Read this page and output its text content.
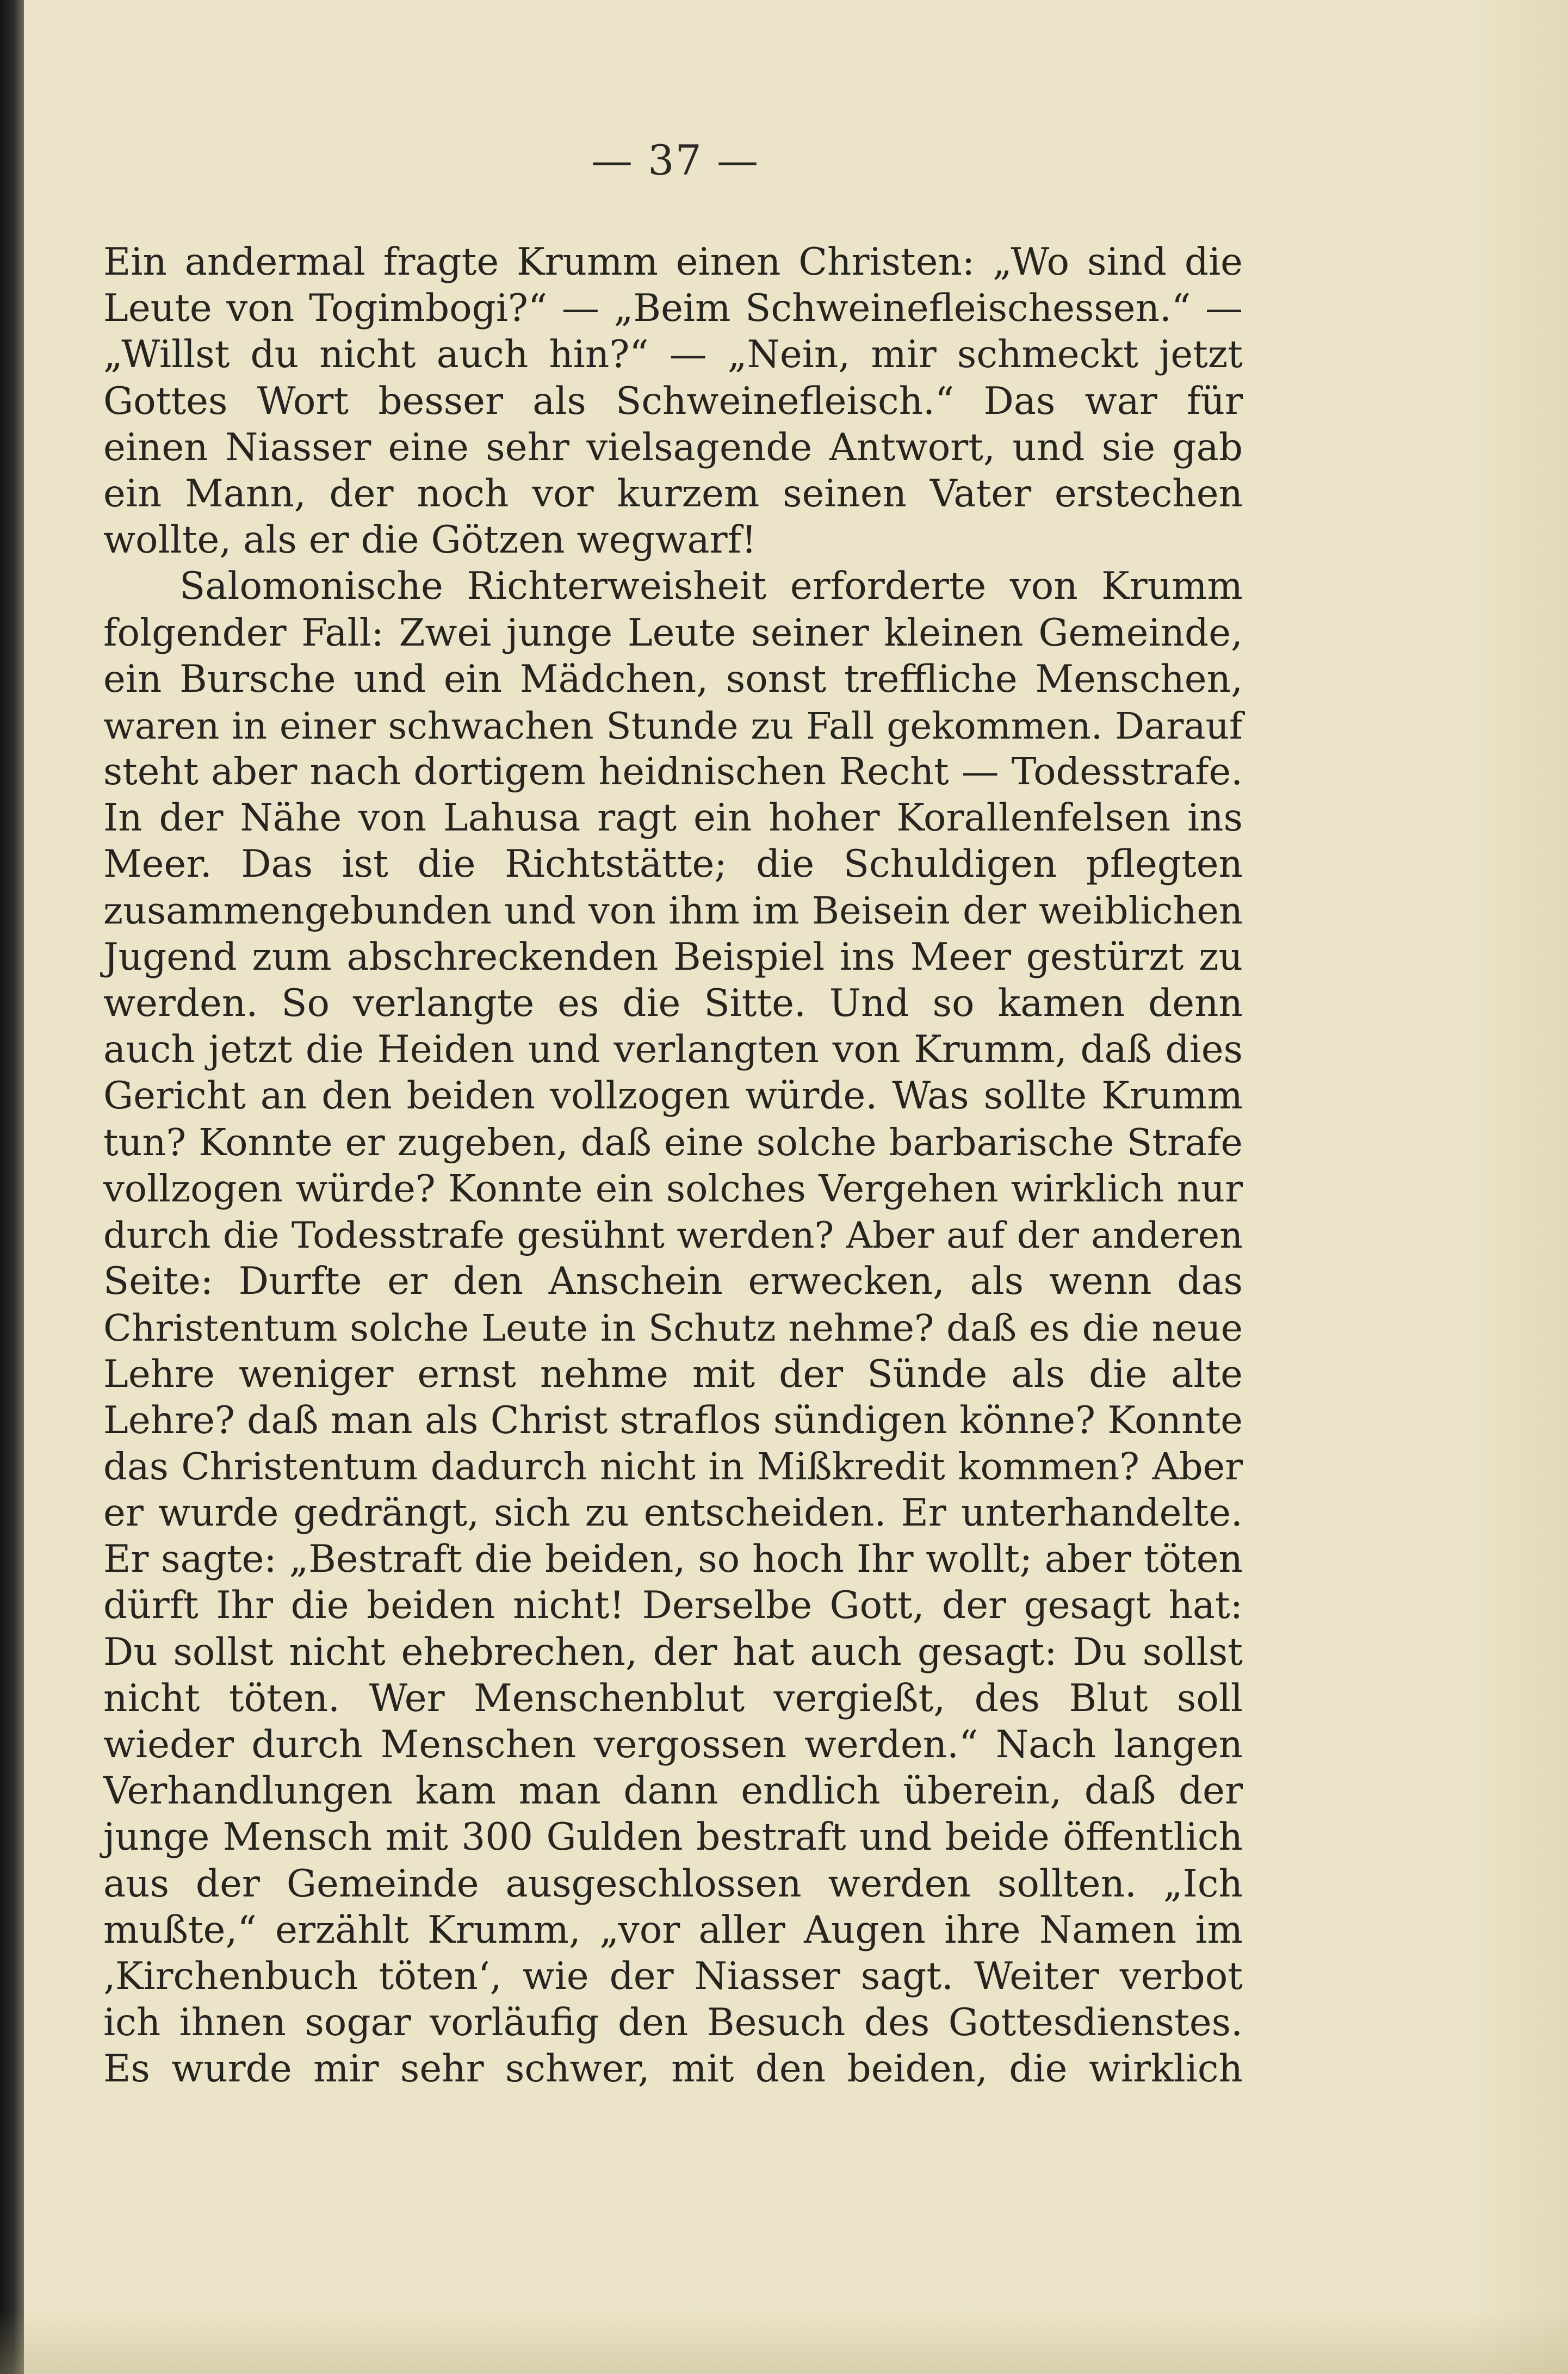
— 37 —
Ein andermal fragte Krumm einen Christen: „Wo sind die
Leute von Togimbogi?“ — „Beim Schweinefleischessen.“ —
„Willst du nicht auch hin?“ — „Nein, mir schmeckt jetzt
Gottes Wort besser als Schweinefleisch.“ Das war für
einen Niasser eine sehr vielsagende Antwort, und sie gab
ein Mann, der noch vor kurzem seinen Vater erstechen
wollte, als er die Götzen wegwarf!
Salomonische Richterweisheit erforderte von Krumm
folgender Fall: Zwei junge Leute seiner kleinen Gemeinde,
ein Bursche und ein Mädchen, sonst treffliche Menschen,
waren in einer schwachen Stunde zu Fall gekommen. Darauf
steht aber nach dortigem heidnischen Recht — Todesstrafe.
In der Nähe von Lahusa ragt ein hoher Korallenfelsen ins
Meer. Das ist die Richtstätte; die Schuldigen pflegten
zusammengebunden und von ihm im Beisein der weiblichen
Jugend zum abschreckenden Beispiel ins Meer gestürzt zu
werden. So verlangte es die Sitte. Und so kamen denn
auch jetzt die Heiden und verlangten von Krumm, daß dies
Gericht an den beiden vollzogen würde. Was sollte Krumm
tun? Konnte er zugeben, daß eine solche barbarische Strafe
vollzogen würde? Konnte ein solches Vergehen wirklich nur
durch die Todesstrafe gesühnt werden? Aber auf der anderen
Seite: Durfte er den Anschein erwecken, als wenn das
Christentum solche Leute in Schutz nehme? daß es die neue
Lehre weniger ernst nehme mit der Sünde als die alte
Lehre? daß man als Christ straflos sündigen könne? Konnte
das Christentum dadurch nicht in Mißkredit kommen? Aber
er wurde gedrängt, sich zu entscheiden. Er unterhandelte.
Er sagte: „Bestraft die beiden, so hoch Ihr wollt; aber töten
dürft Ihr die beiden nicht! Derselbe Gott, der gesagt hat:
Du sollst nicht ehebrechen, der hat auch gesagt: Du sollst
nicht töten. Wer Menschenblut vergießt, des Blut soll
wieder durch Menschen vergossen werden.“ Nach langen
Verhandlungen kam man dann endlich überein, daß der
junge Mensch mit 300 Gulden bestraft und beide öffentlich
aus der Gemeinde ausgeschlossen werden sollten. „Ich
mußte,“ erzählt Krumm, „vor aller Augen ihre Namen im
‚Kirchenbuch töten‘, wie der Niasser sagt. Weiter verbot
ich ihnen sogar vorläufig den Besuch des Gottesdienstes.
Es wurde mir sehr schwer, mit den beiden, die wirklich
